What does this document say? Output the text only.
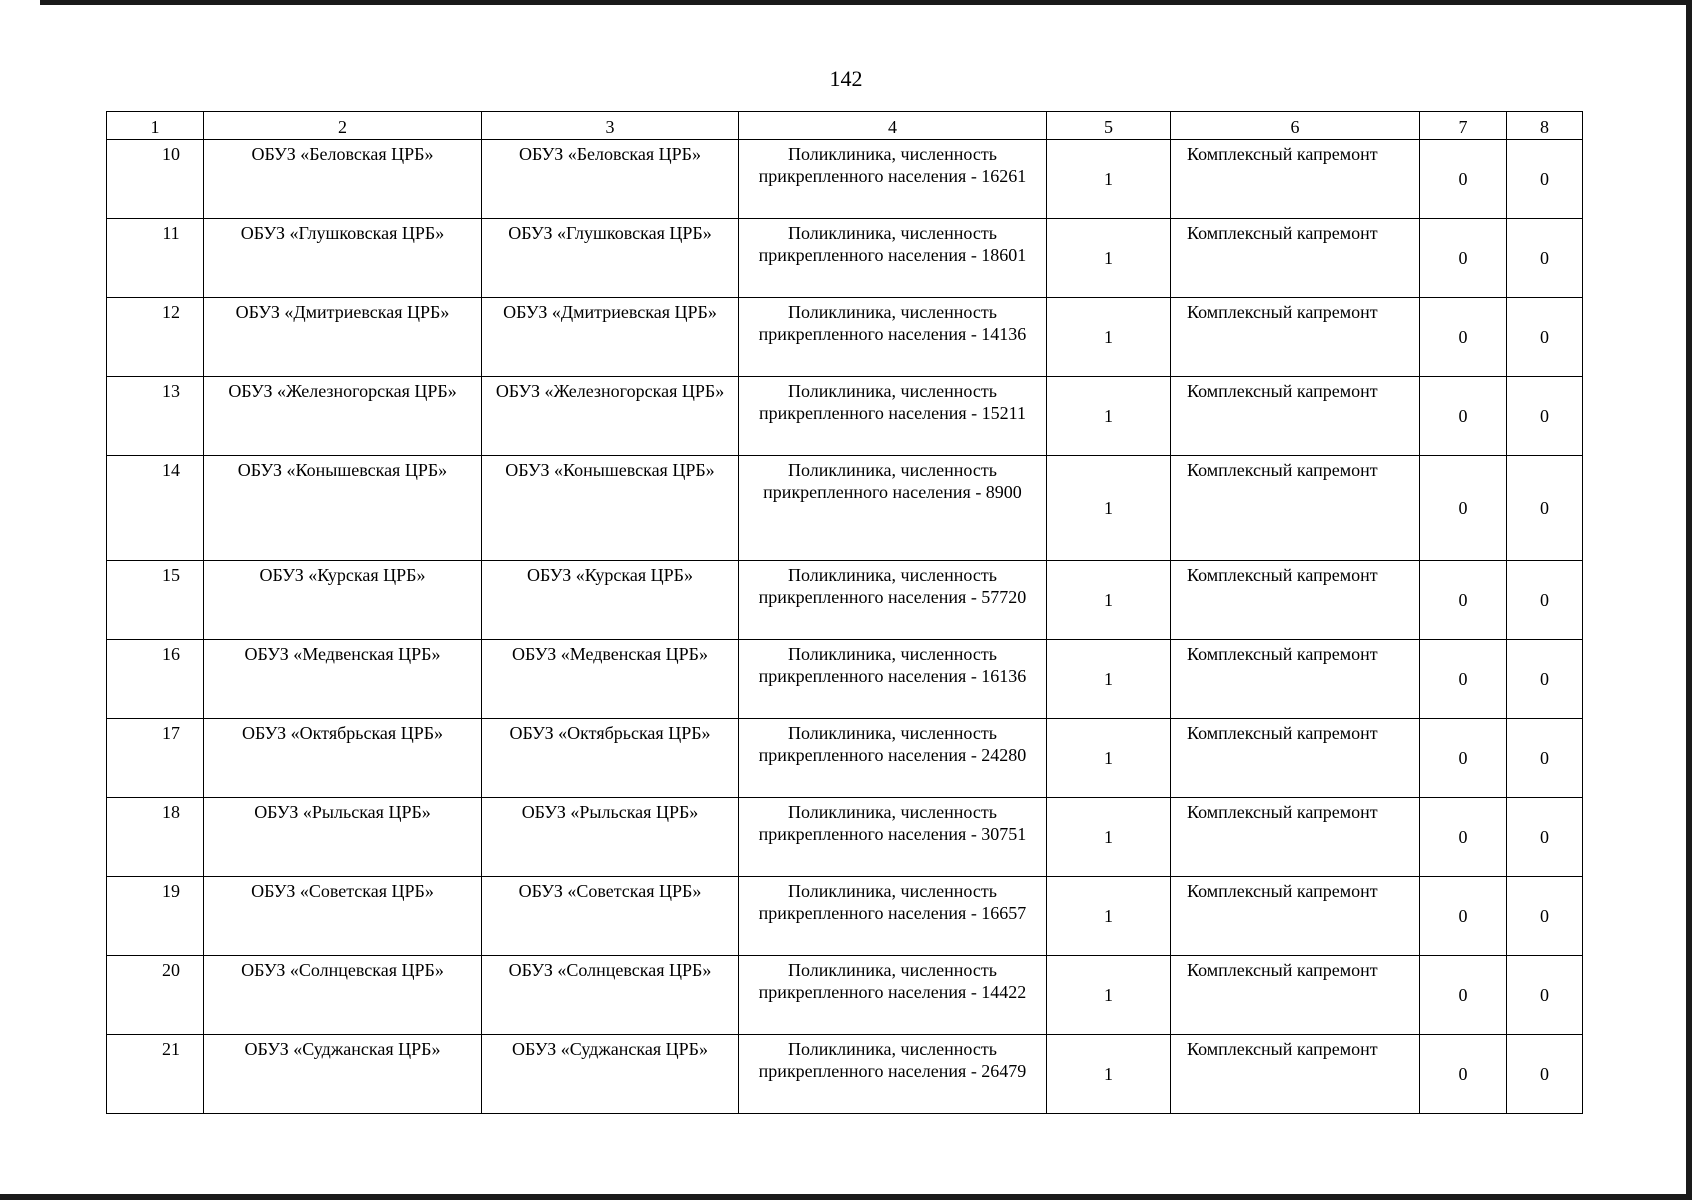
142
1	2	3	4	5	6	7	8
10	ОБУЗ «Беловская ЦРБ»	ОБУЗ «Беловская ЦРБ»	Поликлиника, численность прикрепленного населения - 16261	1	Комплексный капремонт	0	0
11	ОБУЗ «Глушковская ЦРБ»	ОБУЗ «Глушковская ЦРБ»	Поликлиника, численность прикрепленного населения - 18601	1	Комплексный капремонт	0	0
12	ОБУЗ «Дмитриевская ЦРБ»	ОБУЗ «Дмитриевская ЦРБ»	Поликлиника, численность прикрепленного населения - 14136	1	Комплексный капремонт	0	0
13	ОБУЗ «Железногорская ЦРБ»	ОБУЗ «Железногорская ЦРБ»	Поликлиника, численность прикрепленного населения - 15211	1	Комплексный капремонт	0	0
14	ОБУЗ «Конышевская ЦРБ»	ОБУЗ «Конышевская ЦРБ»	Поликлиника, численность прикрепленного населения - 8900	1	Комплексный капремонт	0	0
15	ОБУЗ «Курская ЦРБ»	ОБУЗ «Курская ЦРБ»	Поликлиника, численность прикрепленного населения - 57720	1	Комплексный капремонт	0	0
16	ОБУЗ «Медвенская ЦРБ»	ОБУЗ «Медвенская ЦРБ»	Поликлиника, численность прикрепленного населения - 16136	1	Комплексный капремонт	0	0
17	ОБУЗ «Октябрьская ЦРБ»	ОБУЗ «Октябрьская ЦРБ»	Поликлиника, численность прикрепленного населения - 24280	1	Комплексный капремонт	0	0
18	ОБУЗ «Рыльская ЦРБ»	ОБУЗ «Рыльская ЦРБ»	Поликлиника, численность прикрепленного населения - 30751	1	Комплексный капремонт	0	0
19	ОБУЗ «Советская ЦРБ»	ОБУЗ «Советская ЦРБ»	Поликлиника, численность прикрепленного населения - 16657	1	Комплексный капремонт	0	0
20	ОБУЗ «Солнцевская ЦРБ»	ОБУЗ «Солнцевская ЦРБ»	Поликлиника, численность прикрепленного населения - 14422	1	Комплексный капремонт	0	0
21	ОБУЗ «Суджанская ЦРБ»	ОБУЗ «Суджанская ЦРБ»	Поликлиника, численность прикрепленного населения - 26479	1	Комплексный капремонт	0	0
